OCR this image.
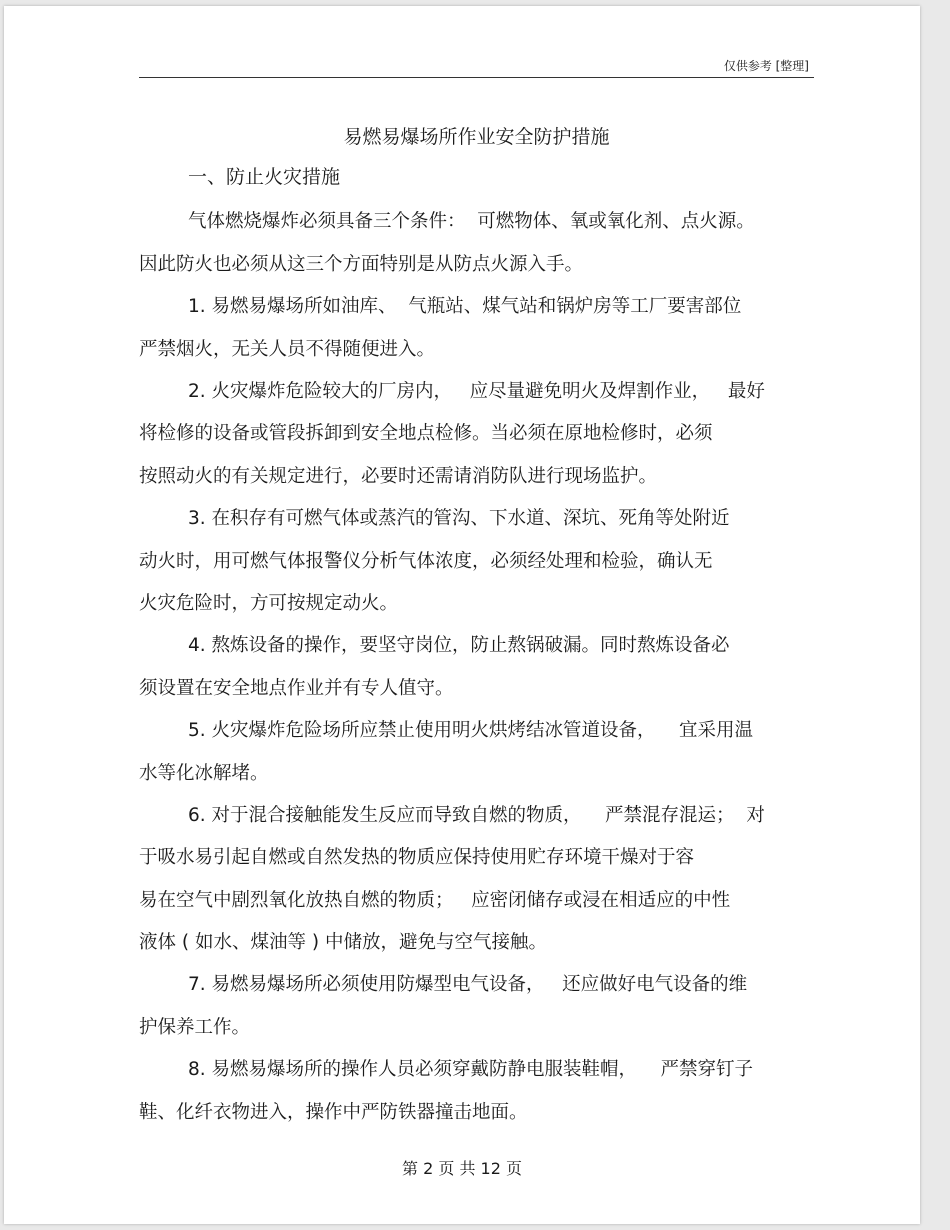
仅供参考 [整理]
易燃易爆场所作业安全防护措施
一、防止火灾措施
气体燃烧爆炸必须具备三个条件：  可燃物体、氧或氧化剂、点火源。
因此防火也必须从这三个方面特别是从防点火源入手。
1. 易燃易爆场所如油库、  气瓶站、煤气站和锅炉房等工厂要害部位
严禁烟火，无关人员不得随便进入。
2. 火灾爆炸危险较大的厂房内，   应尽量避免明火及焊割作业，   最好
将检修的设备或管段拆卸到安全地点检修。当必须在原地检修时，必须
按照动火的有关规定进行，必要时还需请消防队进行现场监护。
3. 在积存有可燃气体或蒸汽的管沟、下水道、深坑、死角等处附近
动火时，用可燃气体报警仪分析气体浓度，必须经处理和检验，确认无
火灾危险时，方可按规定动火。
4. 熬炼设备的操作，要坚守岗位，防止熬锅破漏。同时熬炼设备必
须设置在安全地点作业并有专人值守。
5. 火灾爆炸危险场所应禁止使用明火烘烤结冰管道设备，    宜采用温
水等化冰解堵。
6. 对于混合接触能发生反应而导致自燃的物质，    严禁混存混运；  对
于吸水易引起自燃或自然发热的物质应保持使用贮存环境干燥对于容
易在空气中剧烈氧化放热自燃的物质；   应密闭储存或浸在相适应的中性
液体 ( 如水、煤油等 ) 中储放，避免与空气接触。
7. 易燃易爆场所必须使用防爆型电气设备，   还应做好电气设备的维
护保养工作。
8. 易燃易爆场所的操作人员必须穿戴防静电服装鞋帽，    严禁穿钉子
鞋、化纤衣物进入，操作中严防铁器撞击地面。
第 2 页 共 12 页
